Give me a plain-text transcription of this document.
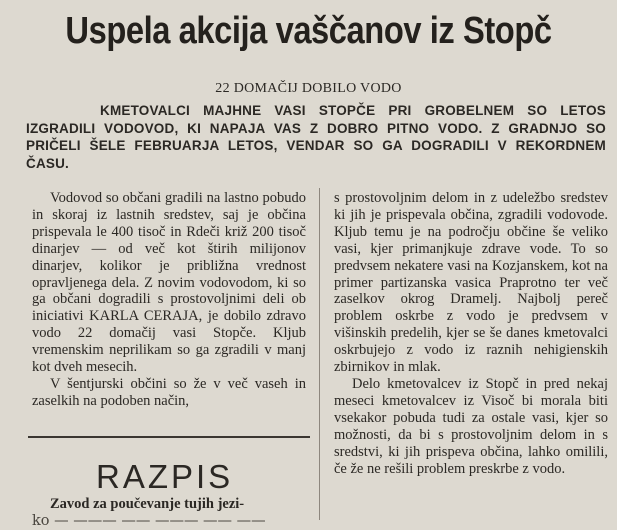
Uspela akcija vaščanov iz Stopč
22 DOMAČIJ DOBILO VODO
KMETOVALCI MAJHNE VASI STOPČE PRI GROBELNEM SO LETOS IZGRADILI VODOVOD, KI NAPAJA VAS Z DOBRO PITNO VODO. Z GRADNJO SO PRIČELI ŠELE FEBRUARJA LETOS, VENDAR SO GA DOGRADILI V REKORDNEM ČASU.

Vodovod so občani gradili na lastno pobudo in skoraj iz lastnih sredstev, saj je občina prispevala le 400 tisoč in Rdeči križ 200 tisoč dinarjev — od več kot štirih milijonov dinarjev, kolikor je približna vrednost opravljenega dela. Z novim vodovodom, ki so ga občani dogradili s prostovoljnimi deli ob iniciativi KARLA CERAJA, je dobilo zdravo vodo 22 domačij vasi Stopče. Kljub vremenskim neprilikam so ga zgradili v manj kot dveh mesecih.

V šentjurski občini so že v več vaseh in zaselkih na podoben način,

s prostovoljnim delom in z udeležbo sredstev ki jih je prispevala občina, zgradili vodovode. Kljub temu je na področju občine še veliko vasi, kjer primanjkuje zdrave vode. To so predvsem nekatere vasi na Kozjanskem, kot na primer partizanska vasica Praprotno ter več zaselkov okrog Dramelj. Najbolj pereč problem oskrbe z vodo je predvsem v višinskih predelih, kjer se še danes kmetovalci oskrbujejo z vodo iz raznih nehigienskih zbirnikov in mlak.

Delo kmetovalcev iz Stopč in pred nekaj meseci kmetovalcev iz Visoč bi morala biti vsekakor pobuda tudi za ostale vasi, kjer so možnosti, da bi s prostovoljnim delom in s sredstvi, ki jih prispeva občina, lahko omilili, če že ne rešili problem preskrbe z vodo.

RAZPIS
Zavod za poučevanje tujih jezi-
ko — ——— —— ——— —— ——
